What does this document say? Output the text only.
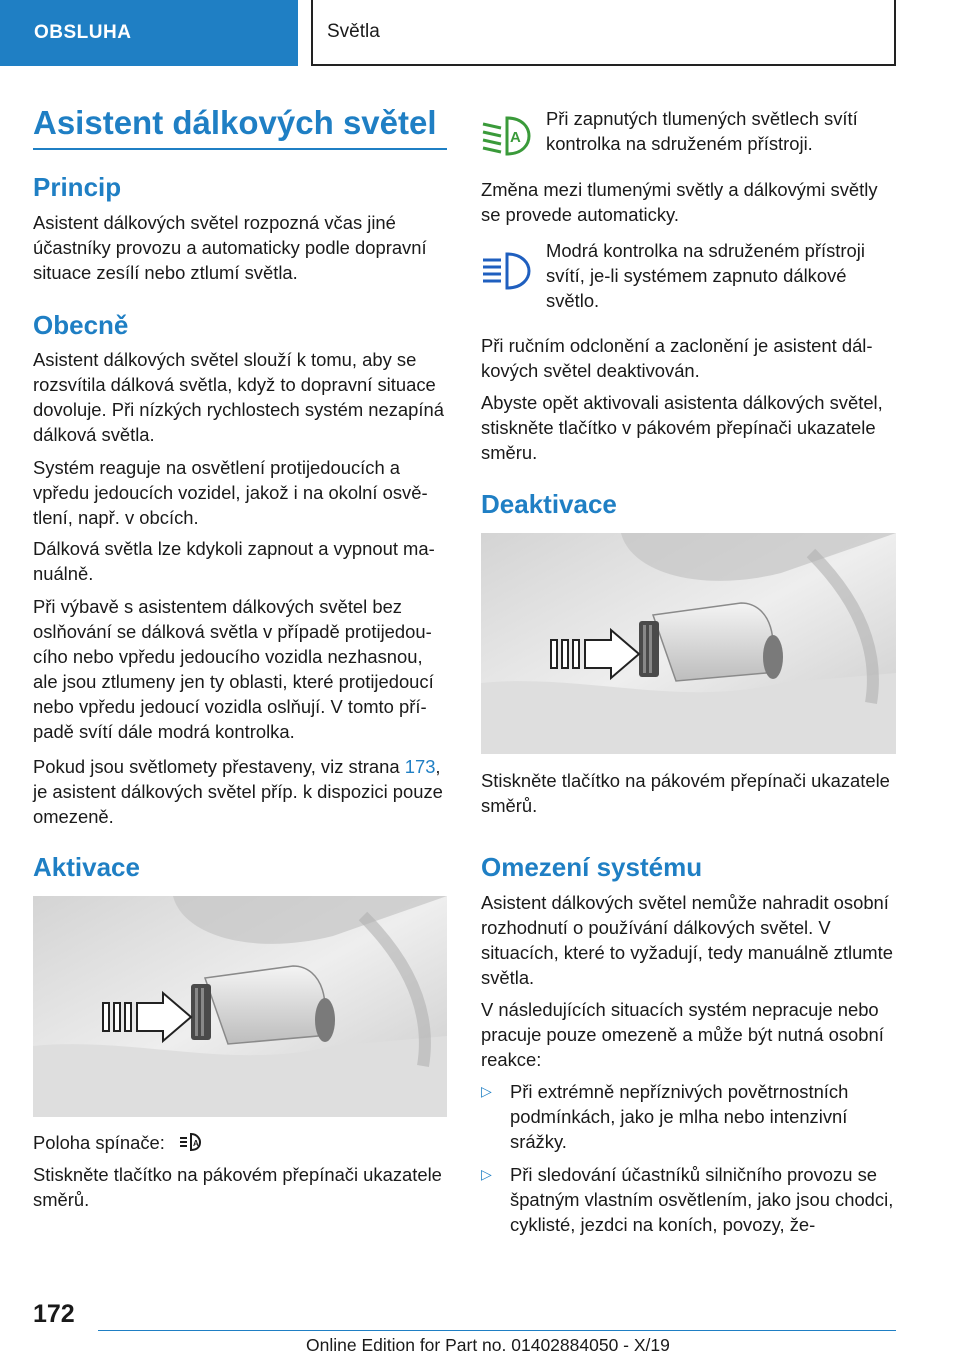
OBSLUHA	Světla
Asistent dálkových světel
Princip

Asistent dálkových světel rozpozná včas jiné účastníky provozu a automaticky podle dopravní situace zesílí nebo ztlumí světla.

Obecně

Asistent dálkových světel slouží k tomu, aby se rozsvítila dálková světla, když to dopravní situace dovoluje. Při nízkých rychlostech systém nezapíná dálková světla.

Systém reaguje na osvětlení protijedoucích a vpředu jedoucích vozidel, jakož i na okolní osvětlení, např. v obcích.

Dálková světla lze kdykoli zapnout a vypnout manuálně.

Při výbavě s asistentem dálkových světel bez oslňování se dálková světla v případě protijedoucího nebo vpředu jedoucího vozidla nezhasnou, ale jsou ztlumeny jen ty oblasti, které protijedoucí nebo vpředu jedoucí vozidla oslňují. V tomto případě svítí dále modrá kontrolka.

Pokud jsou světlomety přestaveny, viz strana 173, je asistent dálkových světel příp. k dispozici pouze omezeně.

Aktivace

Poloha spínače:	A

Stiskněte tlačítko na pákovém přepínači ukazatele směrů.

A

Při zapnutých tlumených světlech svítí kontrolka na sdruženém přístroji.

Změna mezi tlumenými světly a dálkovými světly se provede automaticky.

Modrá kontrolka na sdruženém přístroji svítí, je-li systémem zapnuto dálkové světlo.

Při ručním odclonění a zaclonění je asistent dálkových světel deaktivován.

Abyste opět aktivovali asistenta dálkových světel, stiskněte tlačítko v pákovém přepínači ukazatele směru.

Deaktivace

Stiskněte tlačítko na pákovém přepínači ukazatele směrů.

Omezení systému

Asistent dálkových světel nemůže nahradit osobní rozhodnutí o používání dálkových světel. V situacích, které to vyžadují, tedy manuálně ztlumte světla.

V následujících situacích systém nepracuje nebo pracuje pouze omezeně a může být nutná osobní reakce:

▷ Při extrémně nepříznivých povětrnostních podmínkách, jako je mlha nebo intenzivní srážky.

▷ Při sledování účastníků silničního provozu se špatným vlastním osvětlením, jako jsou chodci, cyklisté, jezdci na koních, povozy, že-

172
Online Edition for Part no. 01402884050 - X/19
